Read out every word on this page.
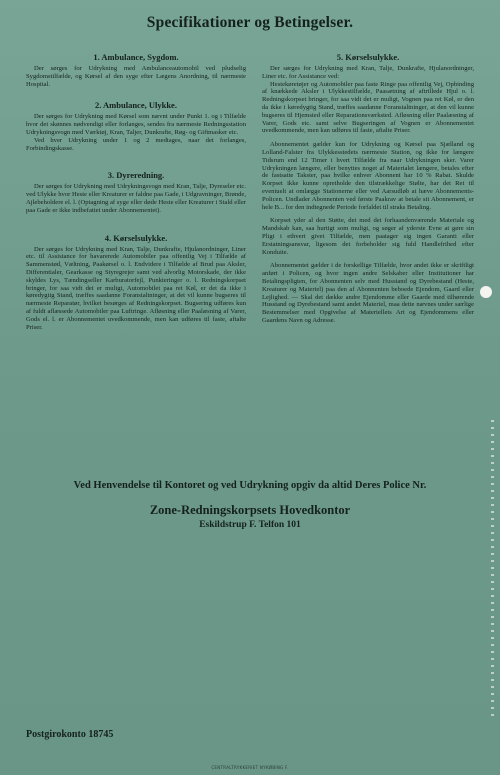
Specifikationer og Betingelser.
1. Ambulance, Sygdom.

Der sørges for Udrykning med Ambulanceautomobil ved pludselig Sygdomstilfælde, og Kørsel af den syge efter Lægens Anordning, til nærmeste Hospital.

2. Ambulance, Ulykke.

Der sørges for Udrykning med Kørsel som nævnt under Punkt 1. og i Tilfælde hvor det skønnes nødvendigt eller forlanges, sendes fra nærmeste Redningsstation Udrykningsvogn med Værktøj, Kran, Taljer, Dunkrafte, Røg- og Giftmasker etc.

Ved hver Udrykning under 1 og 2 medtages, naar det forlanges, Forbindingskasse.

3. Dyreredning.

Der sørges for Udrykning med Udrykningsvogn med Kran, Talje, Dyreseler etc. ved Ulykke hvor Heste eller Kreaturer er faldne paa Gade, i Udgravninger, Brønde, Ajlebeholdere el. l. (Optagning af syge eller døde Heste eller Kreaturer i Stald eller paa Gade er ikke indbefattet under Abonnementet).

4. Kørselsulykke.

Der sørges for Udrykning med Kran, Talje, Dunkrafte, Hjulanordninger, Liner etc. til Assistance for havarerede Automobiler paa offentlig Vej i Tilfælde af Sammenstød, Væltning, Paakørsel o. l. Endvidere i Tilfælde af Brud paa Aksler, Differentialer, Gearkasse og Styregrejer samt ved alvorlig Motorskade, der ikke skyldes Lys, Tændingseller Karburatorfejl, Punkteringer o. l. Redningskorpset bringer, for saa vidt det er muligt, Automobilet paa ret Køl, er det da ikke i køredygtig Stand, træffes saadanne Foranstaltninger, at det vil kunne bugseres til nærmeste Reparatør, hvilket besørges af Redningskorpset. Bugsering udføres kun af fuldt aflæssede Automobiler paa Luftringe. Afløsning eller Paalæsning af Varer, Gods el. l. er Abonnementet uvedkommende, men kan udføres til faste, aftalte Priser.

5. Kørselsulykke.

Der sørges for Udrykning med Kran, Talje, Dunkrafte, Hjulanordninger, Liner etc. for Assistance ved:

Hestekøretøjer og Automobiler paa faste Ringe paa offentlig Vej, Opbinding af knækkede Aksler i Ulykkestilfælde, Paasætning af aftrillede Hjul o. l. Redningskorpset bringer, for saa vidt det er muligt, Vognen paa ret Køl, er den da ikke i køredygtig Stand, træffes saadanne Foranstaltninger, at den vil kunne bugseres til Hjemsted eller Reparationsværksted. Afløsning eller Paalæsning af Varer, Gods etc. samt selve Bugseringen af Vognen er Abonnementet uvedkommende, men kan udføres til faste, aftalte Priser.

Abonnementet gælder kun for Udrykning og Kørsel paa Sjælland og Lolland-Falster fra Ulykkesstedets nærmeste Station, og ikke for længere Tidsrum end 12 Timer i hvert Tilfælde fra naar Udrykningen sker. Varer Udrykningen længere, eller benyttes noget af Materialet længere, betales efter de fastsatte Takster, paa hvilke enhver Abonnent har 10 % Rabat. Skulde Korpset ikke kunne opretholde den tilstrækkelige Stølte, har det Ret til eventuelt at omlægge Stationerne eller ved Aarsudløb at hæve Abonnements-Policen. Undlader Abonnenten ved første Paakrav at betale sit Abonnement, er hele B... for den indtegnede Periode forfaldet til straks Betaling.

Korpset yder al den Støtte, det med det forhaandenværende Materiale og Mandskab kan, saa hurtigt som muligt, og søger af yderste Evne at gøre sin Pligt i ethvert givet Tilfælde, men paatager sig ingen Garanti eller Erstatningsansvar, ligesom det forbeholder sig fuld Handlefrihed efter Konduite.

Abonnementet gælder i de forskellige Tilfælde, hvor andet ikke er skriftligt anført i Policen, og hvor ingen andre Selskaber eller Institutioner har Betalingspligten, for Abonnenten selv med Husstand og Dyrebestand (Heste, Kreaturer og Materiel) paa den af Abonnenten beboede Ejendom, Gaard eller Lejlighed. — Skal det dække andre Ejendomme eller Gaarde med tilhørende Husstand og Dyrebestand samt andet Materiel, maa dette nævnes under særlige Bestemmelser med Opgivelse af Materiellets Art og Ejendommens eller Gaardens Navn og Adresse.

Ved Henvendelse til Kontoret og ved Udrykning opgiv da altid Deres Police Nr.
Zone-Redningskorpsets Hovedkontor
Eskildstrup F. Telfon 101
Postgirokonto 18745
CENTRALTRYKKERIET NYKØBING F.
